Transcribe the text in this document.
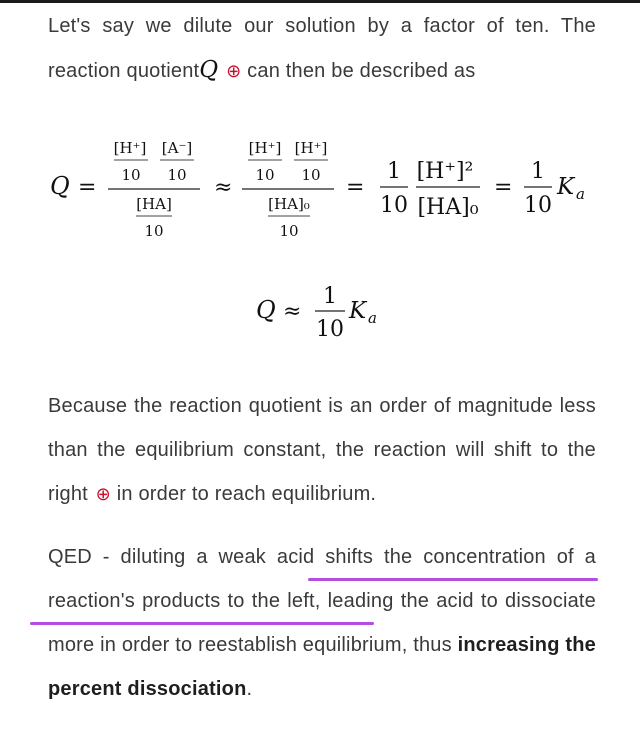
Let's say we dilute our solution by a factor of ten. The reaction quotientQ ⊕ can then be described as

Q =
[H⁺]
10
[A⁻]
10
[HA]
10
≈
[H⁺]
10
[H⁺]
10
[HA]₀
10
=
1
10
[H⁺]²
[HA]₀
=
1
10
K a
Q ≈
1
10
K a

Because the reaction quotient is an order of magnitude less than the equilibrium constant, the reaction will shift to the right ⊕ in order to reach equilibrium.

QED - diluting a weak acid shifts the concentration of a reaction's products to the left, leading the acid to dissociate more in order to reestablish equilibrium, thus increasing the percent dissociation.
